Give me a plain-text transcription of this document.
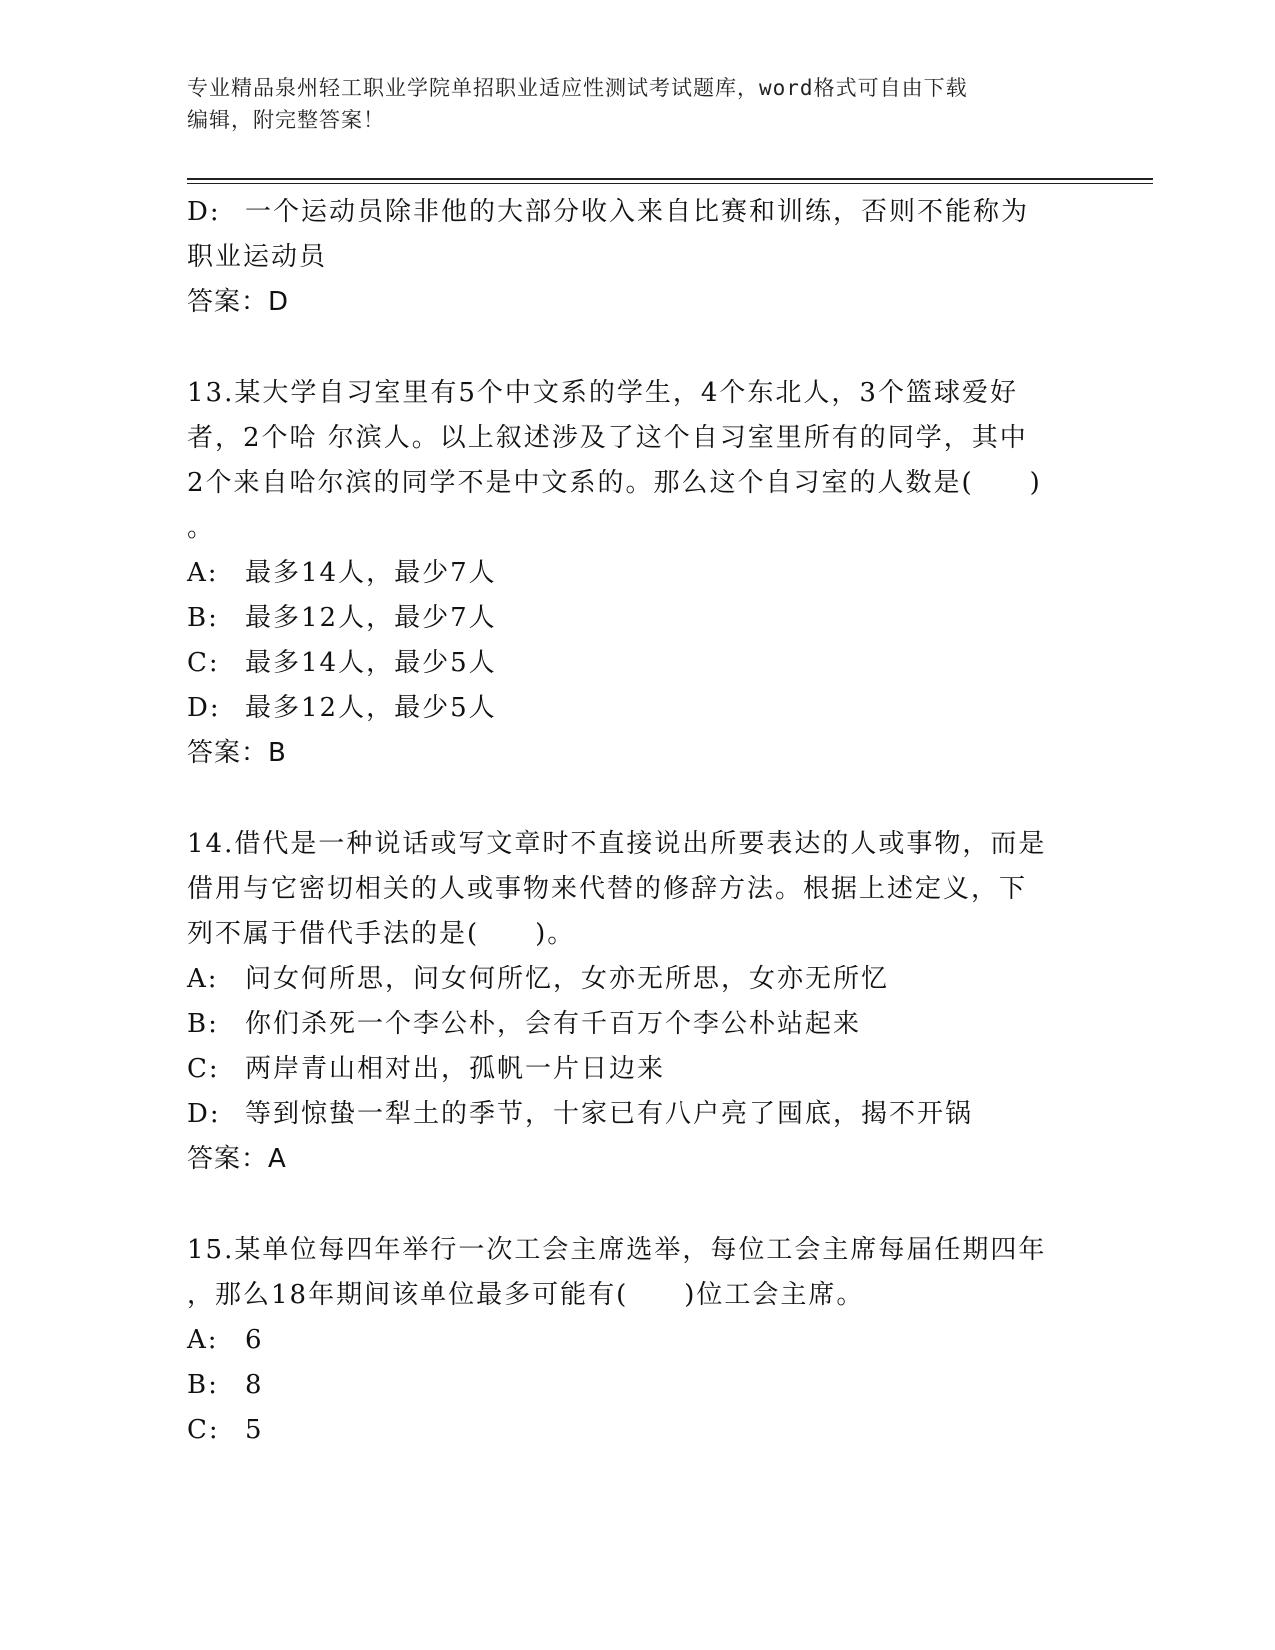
专业精品泉州轻工职业学院单招职业适应性测试考试题库，word格式可自由下载
编辑，附完整答案！
D: 一个运动员除非他的大部分收入来自比赛和训练，否则不能称为
职业运动员
答案：D
13.某大学自习室里有5个中文系的学生，4个东北人，3个篮球爱好
者，2个哈 尔滨人。以上叙述涉及了这个自习室里所有的同学，其中
2个来自哈尔滨的同学不是中文系的。那么这个自习室的人数是(　　)
。
A:	最多14人，最少7人
B:	最多12人，最少7人
C: 最多14人，最少5人
D: 最多12人，最少5人
答案：B
14.借代是一种说话或写文章时不直接说出所要表达的人或事物，而是
借用与它密切相关的人或事物来代替的修辞方法。根据上述定义，下
列不属于借代手法的是(　　)。
A:	问女何所思，问女何所忆，女亦无所思，女亦无所忆
B:	你们杀死一个李公朴，会有千百万个李公朴站起来
C: 两岸青山相对出，孤帆一片日边来
D: 等到惊蛰一犁土的季节，十家已有八户亮了囤底，揭不开锅
答案：A
15.某单位每四年举行一次工会主席选举，每位工会主席每届任期四年
，那么18年期间该单位最多可能有(　　)位工会主席。
A:	6
B:	8
C: 5
